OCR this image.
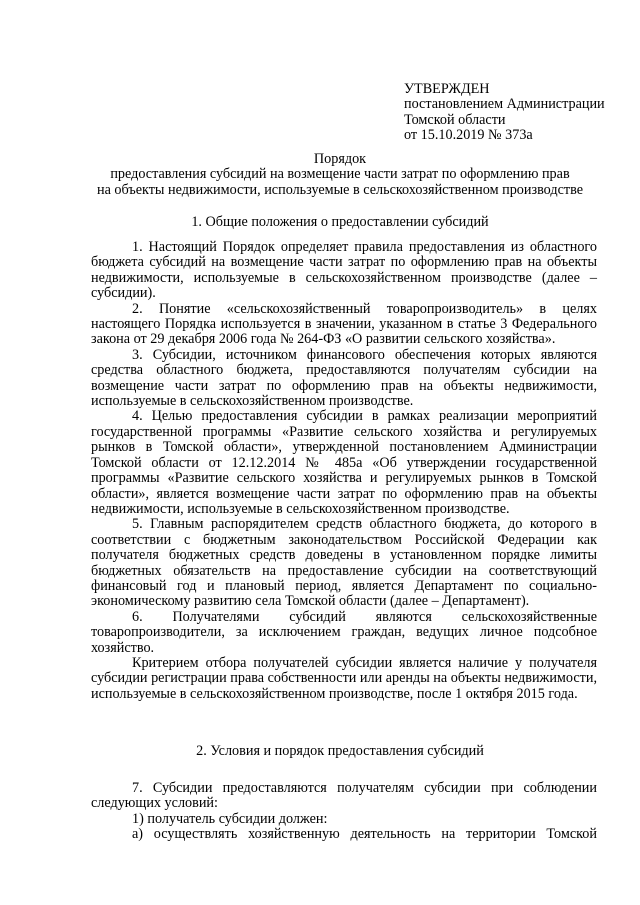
УТВЕРЖДЕН
постановлением Администрации
Томской области
от 15.10.2019 № 373а
Порядок
предоставления субсидий на возмещение части затрат по оформлению прав
на объекты недвижимости, используемые в сельскохозяйственном производстве
1. Общие положения о предоставлении субсидий

1. Настоящий Порядок определяет правила предоставления из областного бюджета субсидий на возмещение части затрат по оформлению прав на объекты недвижимости, используемые в сельскохозяйственном производстве (далее – субсидии).

2. Понятие «сельскохозяйственный товаропроизводитель» в целях настоящего Порядка используется в значении, указанном в статье 3 Федерального закона от 29 декабря 2006 года № 264-ФЗ «О развитии сельского хозяйства».

3. Субсидии, источником финансового обеспечения которых являются средства областного бюджета, предоставляются получателям субсидии на возмещение части затрат по оформлению прав на объекты недвижимости, используемые в сельскохозяйственном производстве.

4. Целью предоставления субсидии в рамках реализации мероприятий государственной программы «Развитие сельского хозяйства и регулируемых рынков в Томской области», утвержденной постановлением Администрации Томской области от 12.12.2014 № 485а «Об утверждении государственной программы «Развитие сельского хозяйства и регулируемых рынков в Томской области», является возмещение части затрат по оформлению прав на объекты недвижимости, используемые в сельскохозяйственном производстве.

5. Главным распорядителем средств областного бюджета, до которого в соответствии с бюджетным законодательством Российской Федерации как получателя бюджетных средств доведены в установленном порядке лимиты бюджетных обязательств на предоставление субсидии на соответствующий финансовый год и плановый период, является Департамент по социально-экономическому развитию села Томской области (далее – Департамент).

6. Получателями субсидий являются сельскохозяйственные товаропроизводители, за исключением граждан, ведущих личное подсобное хозяйство.

Критерием отбора получателей субсидии является наличие у получателя субсидии регистрации права собственности или аренды на объекты недвижимости, используемые в сельскохозяйственном производстве, после 1 октября 2015 года.

2. Условия и порядок предоставления субсидий

7. Субсидии предоставляются получателям субсидии при соблюдении следующих условий:

1) получатель субсидии должен:

а) осуществлять хозяйственную деятельность на территории Томской
